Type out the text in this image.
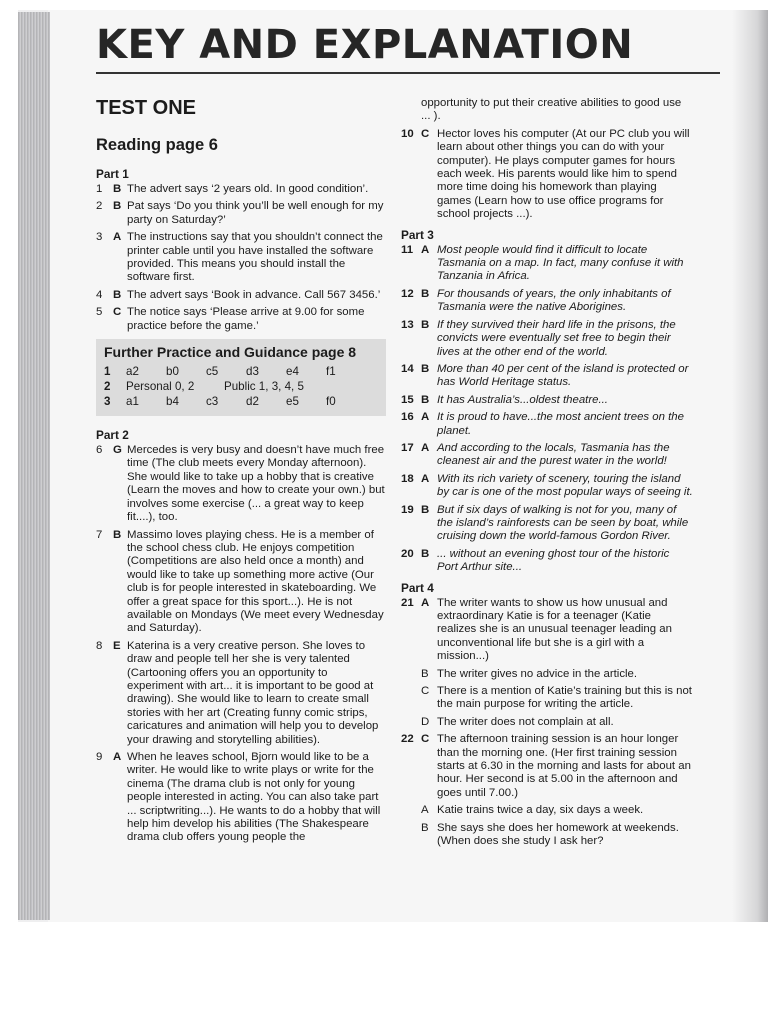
KEY AND EXPLANATION
TEST ONE
Reading page 6
Part 1
1 B The advert says ‘2 years old. In good condition’.
2 B Pat says ‘Do you think you’ll be well enough for my party on Saturday?’
3 A The instructions say that you shouldn’t connect the printer cable until you have installed the software provided. This means you should install the software first.
4 B The advert says ‘Book in advance. Call 567 3456.’
5 C The notice says ‘Please arrive at 9.00 for some practice before the game.’
Further Practice and Guidance page 8
1	a2	b0	c5	d3	e4	f1
2	Personal 0, 2	Public 1, 3, 4, 5
3	a1	b4	c3	d2	e5	f0
Part 2
6 G Mercedes is very busy and doesn’t have much free time (The club meets every Monday afternoon). She would like to take up a hobby that is creative (Learn the moves and how to create your own.) but involves some exercise (... a great way to keep fit....), too.
7 B Massimo loves playing chess. He is a member of the school chess club. He enjoys competition (Competitions are also held once a month) and would like to take up something more active (Our club is for people interested in skateboarding. We offer a great space for this sport...). He is not available on Mondays (We meet every Wednesday and Saturday).
8 E Katerina is a very creative person. She loves to draw and people tell her she is very talented (Cartooning offers you an opportunity to experiment with art... it is important to be good at drawing). She would like to learn to create small stories with her art (Creating funny comic strips, caricatures and animation will help you to develop your drawing and storytelling abilities).
9 A When he leaves school, Bjorn would like to be a writer. He would like to write plays or write for the cinema (The drama club is not only for young people interested in acting. You can also take part ... scriptwriting...). He wants to do a hobby that will help him develop his abilities (The Shakespeare drama club offers young people the
opportunity to put their creative abilities to good use ... ).
10 C Hector loves his computer (At our PC club you will learn about other things you can do with your computer). He plays computer games for hours each week. His parents would like him to spend more time doing his homework than playing games (Learn how to use office programs for school projects ...).
Part 3
11 A Most people would find it difficult to locate Tasmania on a map. In fact, many confuse it with Tanzania in Africa.
12 B For thousands of years, the only inhabitants of Tasmania were the native Aborigines.
13 B If they survived their hard life in the prisons, the convicts were eventually set free to begin their lives at the other end of the world.
14 B More than 40 per cent of the island is protected or has World Heritage status.
15 B It has Australia’s...oldest theatre...
16 A It is proud to have...the most ancient trees on the planet.
17 A And according to the locals, Tasmania has the cleanest air and the purest water in the world!
18 A With its rich variety of scenery, touring the island by car is one of the most popular ways of seeing it.
19 B But if six days of walking is not for you, many of the island’s rainforests can be seen by boat, while cruising down the world-famous Gordon River.
20 B ... without an evening ghost tour of the historic Port Arthur site...
Part 4
21 A The writer wants to show us how unusual and extraordinary Katie is for a teenager (Katie realizes she is an unusual teenager leading an unconventional life but she is a girl with a mission...)
B The writer gives no advice in the article.
C There is a mention of Katie’s training but this is not the main purpose for writing the article.
D The writer does not complain at all.
22 C The afternoon training session is an hour longer than the morning one. (Her first training session starts at 6.30 in the morning and lasts for about an hour. Her second is at 5.00 in the afternoon and goes until 7.00.)
A Katie trains twice a day, six days a week.
B She says she does her homework at weekends. (When does she study I ask her?
